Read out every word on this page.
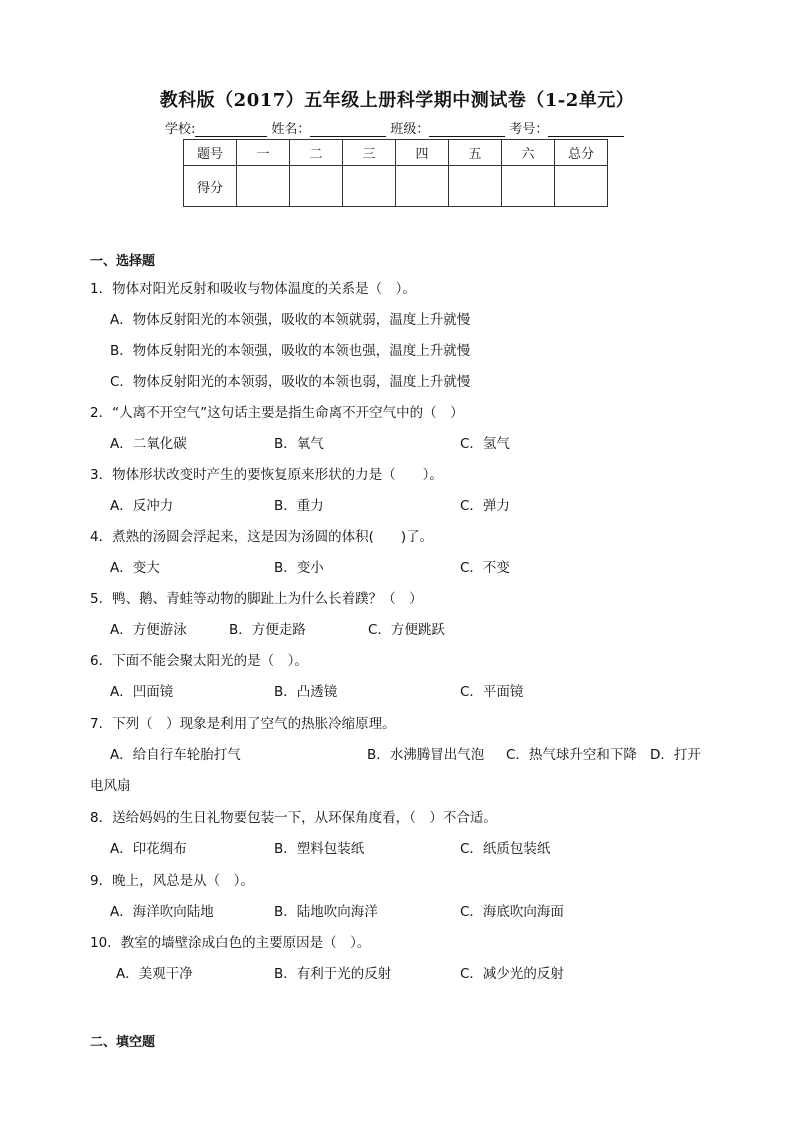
教科版（2017）五年级上册科学期中测试卷（1-2单元）
学校:	姓名：	班级：	考号：
题号	一	二	三	四	五	六	总分
得分							
一、选择题
1．物体对阳光反射和吸收与物体温度的关系是（　）。
A．物体反射阳光的本领强，吸收的本领就弱，温度上升就慢
B．物体反射阳光的本领强，吸收的本领也强，温度上升就慢
C．物体反射阳光的本领弱，吸收的本领也弱，温度上升就慢
2．“人离不开空气”这句话主要是指生命离不开空气中的（　）
A．二氧化碳	B．氧气	C．氢气
3．物体形状改变时产生的要恢复原来形状的力是（　　）。
A．反冲力	B．重力	C．弹力
4．煮熟的汤圆会浮起来，这是因为汤圆的体积(　　)了。
A．变大	B．变小	C．不变
5．鸭、鹅、青蛙等动物的脚趾上为什么长着蹼？（　）
A．方便游泳	B．方便走路	C．方便跳跃
6．下面不能会聚太阳光的是（　）。
A．凹面镜	B．凸透镜	C．平面镜
7．下列（　）现象是利用了空气的热胀冷缩原理。
A．给自行车轮胎打气	B．水沸腾冒出气泡 C．热气球升空和下降 D．打开
电风扇
8．送给妈妈的生日礼物要包装一下，从环保角度看，（　）不合适。
A．印花绸布	B．塑料包装纸	C．纸质包装纸
9．晚上，风总是从（　）。
A．海洋吹向陆地	B．陆地吹向海洋	C．海底吹向海面
10．教室的墙壁涂成白色的主要原因是（　）。
A．美观干净	B．有利于光的反射	C．减少光的反射
二、填空题
